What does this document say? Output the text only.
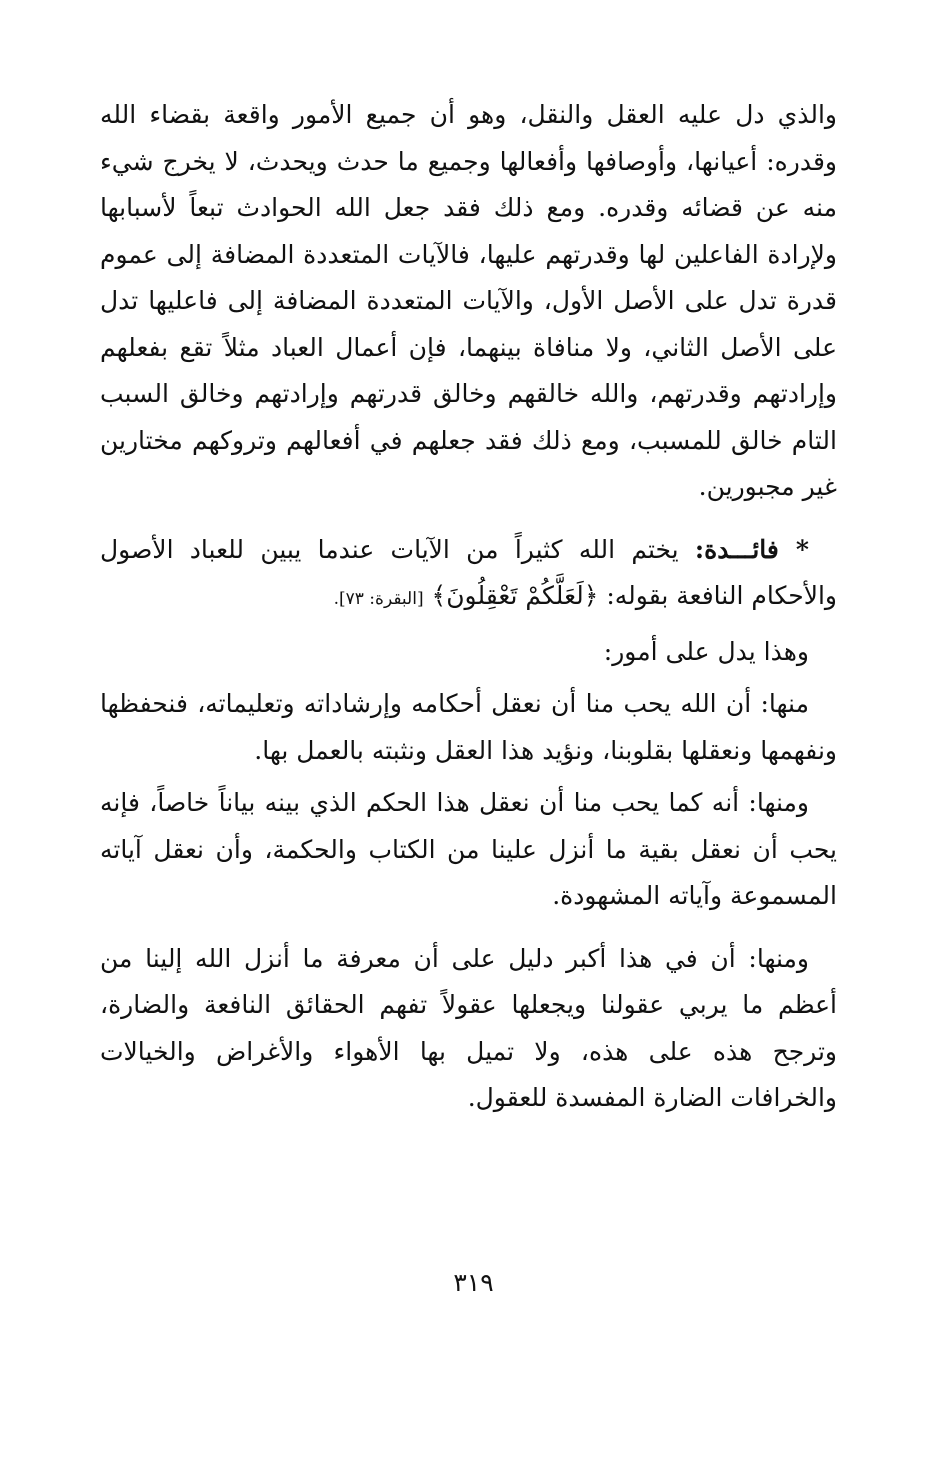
والذي دل عليه العقل والنقل، وهو أن جميع الأمور واقعة بقضاء الله وقدره: أعيانها، وأوصافها وأفعالها وجميع ما حدث ويحدث، لا يخرج شيء منه عن قضائه وقدره. ومع ذلك فقد جعل الله الحوادث تبعاً لأسبابها ولإرادة الفاعلين لها وقدرتهم عليها، فالآيات المتعددة المضافة إلى عموم قدرة تدل على الأصل الأول، والآيات المتعددة المضافة إلى فاعليها تدل على الأصل الثاني، ولا منافاة بينهما، فإن أعمال العباد مثلاً تقع بفعلهم وإرادتهم وقدرتهم، والله خالقهم وخالق قدرتهم وإرادتهم وخالق السبب التام خالق للمسبب، ومع ذلك فقد جعلهم في أفعالهم وتروكهم مختارين غير مجبورين.

* فائـــدة: يختم الله كثيراً من الآيات عندما يبين للعباد الأصول والأحكام النافعة بقوله: ﴿لَعَلَّكُمْ تَعْقِلُونَ﴾ [البقرة: ٧٣].

وهذا يدل على أمور:

منها: أن الله يحب منا أن نعقل أحكامه وإرشاداته وتعليماته، فنحفظها ونفهمها ونعقلها بقلوبنا، ونؤيد هذا العقل ونثبته بالعمل بها.

ومنها: أنه كما يحب منا أن نعقل هذا الحكم الذي بينه بياناً خاصاً، فإنه يحب أن نعقل بقية ما أنزل علينا من الكتاب والحكمة، وأن نعقل آياته المسموعة وآياته المشهودة.

ومنها: أن في هذا أكبر دليل على أن معرفة ما أنزل الله إلينا من أعظم ما يربي عقولنا ويجعلها عقولاً تفهم الحقائق النافعة والضارة، وترجح هذه على هذه، ولا تميل بها الأهواء والأغراض والخيالات والخرافات الضارة المفسدة للعقول.

٣١٩
